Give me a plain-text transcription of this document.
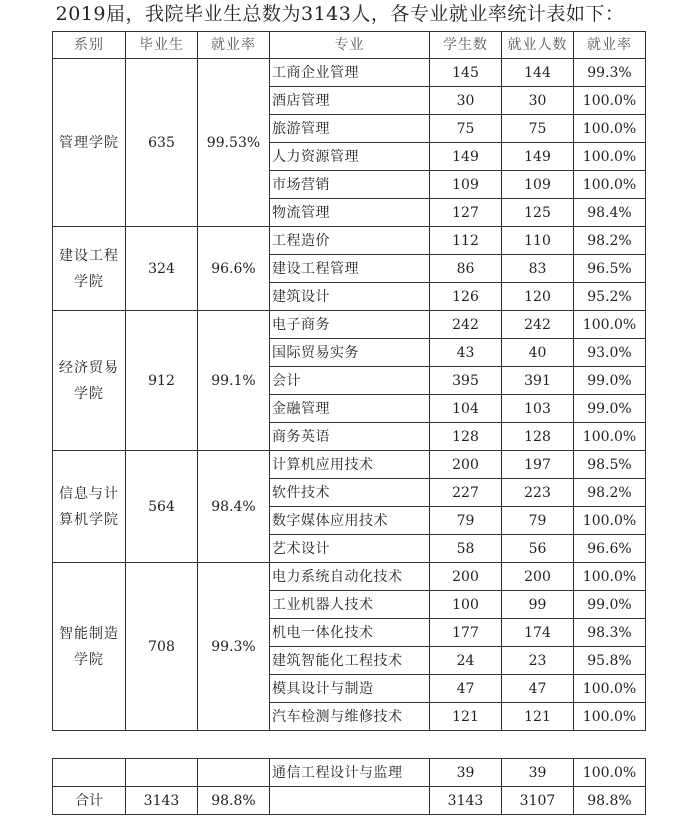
2019届，我院毕业生总数为3143人，各专业就业率统计表如下：
系别	毕业生	就业率	专业	学生数	就业人数	就业率
管理学院	635	99.53%	工商企业管理	145	144	99.3%
			酒店管理	30	30	100.0%
			旅游管理	75	75	100.0%
			人力资源管理	149	149	100.0%
			市场营销	109	109	100.0%
			物流管理	127	125	98.4%
建设工程学院	324	96.6%	工程造价	112	110	98.2%
			建设工程管理	86	83	96.5%
			建筑设计	126	120	95.2%
经济贸易学院	912	99.1%	电子商务	242	242	100.0%
			国际贸易实务	43	40	93.0%
			会计	395	391	99.0%
			金融管理	104	103	99.0%
			商务英语	128	128	100.0%
信息与计算机学院	564	98.4%	计算机应用技术	200	197	98.5%
			软件技术	227	223	98.2%
			数字媒体应用技术	79	79	100.0%
			艺术设计	58	56	96.6%
智能制造学院	708	99.3%	电力系统自动化技术	200	200	100.0%
			工业机器人技术	100	99	99.0%
			机电一体化技术	177	174	98.3%
			建筑智能化工程技术	24	23	95.8%
			模具设计与制造	47	47	100.0%
			汽车检测与维修技术	121	121	100.0%
			通信工程设计与监理	39	39	100.0%
合计	3143	98.8%		3143	3107	98.8%
